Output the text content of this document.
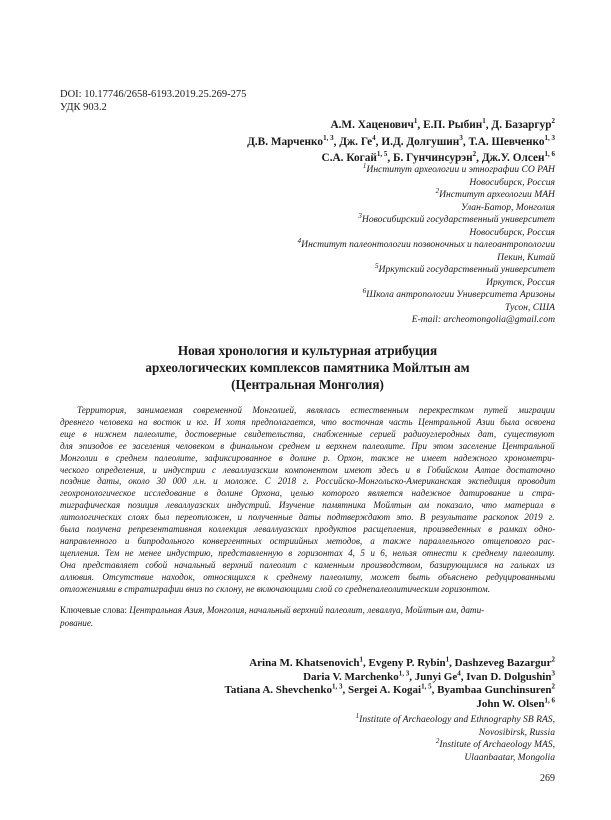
DOI: 10.17746/2658-6193.2019.25.269-275
УДК 903.2
А.М. Хаценович$^1$, Е.П. Рыбин$^1$, Д. Базаргур$^2$
Д.В. Марченко$^{1, 3}$, Дж. $Ге^4$, И.Д. Долгушин$^3$, Т.А. Шевченко$^{1, 3}$
С.А. Когай$^{1, 5}$, Б. Гунчинсурэн$^2$, Дж.У. Олсен$^{1, 6}$
$^1$Институт археологии и этнографии СО РАН
Новосибирск, Россия
$^2$Институт археологии МАН
Улан-Батор, Монголия
$^3$Новосибирский государственный университет
Новосибирск, Россия
$^4$Институт палеонтологии позвоночных и палеоантропологии
Пекин, Китай
$^5$Иркутский государственный университет
Иркутск, Россия
$^6$Школа антропологии Университета Аризоны
Тусон, США
E-mail: archeomongolia@gmail.com
Новая хронология и культурная атрибуция
археологических комплексов памятника Мойлтын ам
(Центральная Монголия)
Территория, занимаемая современной Монголией, являлась естественным перекрестком путей миграции
древнего человека на восток и юг. И хотя предполагается, что восточная часть Центральной Азии была освоена
еще в нижнем палеолите, достоверные свидетельства, снабженные серией радиоуглеродных дат, существуют
для эпизодов ее заселения человеком в финальном среднем и верхнем палеолите. При этом заселение Центральной
Монголии в среднем палеолите, зафиксированное в долине р. Орхон, также не имеет надежного хронометри-
ческого определения, и индустрии с леваллуазским компонентом имеют здесь и в Гобийском Алтае достаточно
поздние даты, около 30 000 л.н. и моложе. С 2018 г. Российско-Монгольско-Американская экспедиция проводит
геохронологическое исследование в долине Орхона, целью которого является надежное датирование и стра-
тиграфическая позиция леваллуазских индустрий. Изучение памятника Мойлтын ам показало, что материал в
литологических слоях был переотложен, и полученные даты подтверждают это. В результате раскопок 2019 г.
была получена репрезентативная коллекция леваллуазских продуктов расщепления, произведенных в рамках одно-
направленного и бипродольного конвергентных остриийных методов, а также параллельного отщепового рас-
щепления. Тем не менее индустрию, представленную в горизонтах 4, 5 и 6, нельзя отнести к среднему палеолиту.
Она представляет собой начальный верхний палеолит с каменным производством, базирующимся на гальках из
аллювия. Отсутствие находок, относящихся к среднему палеолиту, может быть объяснено редуцированными
отложениями в стратиграфии вниз по склону, не включающими слой со среднепалеолитическим горизонтом.
Ключевые слова: Центральная Азия, Монголия, начальный верхний палеолит, леваллуа, Мойлтын ам, дати-
рование.
Arina M. Khatsenovich$^1$, Evgeny P. Rybin$^1$, Dashzeveg Bazargur$^2$
Daria V. Marchenko$^{1, 3}$, Junyi Ge$^4$, Ivan D. Dolgushin$^3$
Tatiana A. Shevchenko$^{1, 3}$, Sergei A. Kogai$^{1, 5}$, Byambaa Gunchinsuren$^2$
John W. Olsen$^{1, 6}$
$^1$Institute of Archaeology and Ethnography SB RAS,
Novosibirsk, Russia
$^2$Institute of Archaeology MAS,
Ulaanbaatar, Mongolia
269
